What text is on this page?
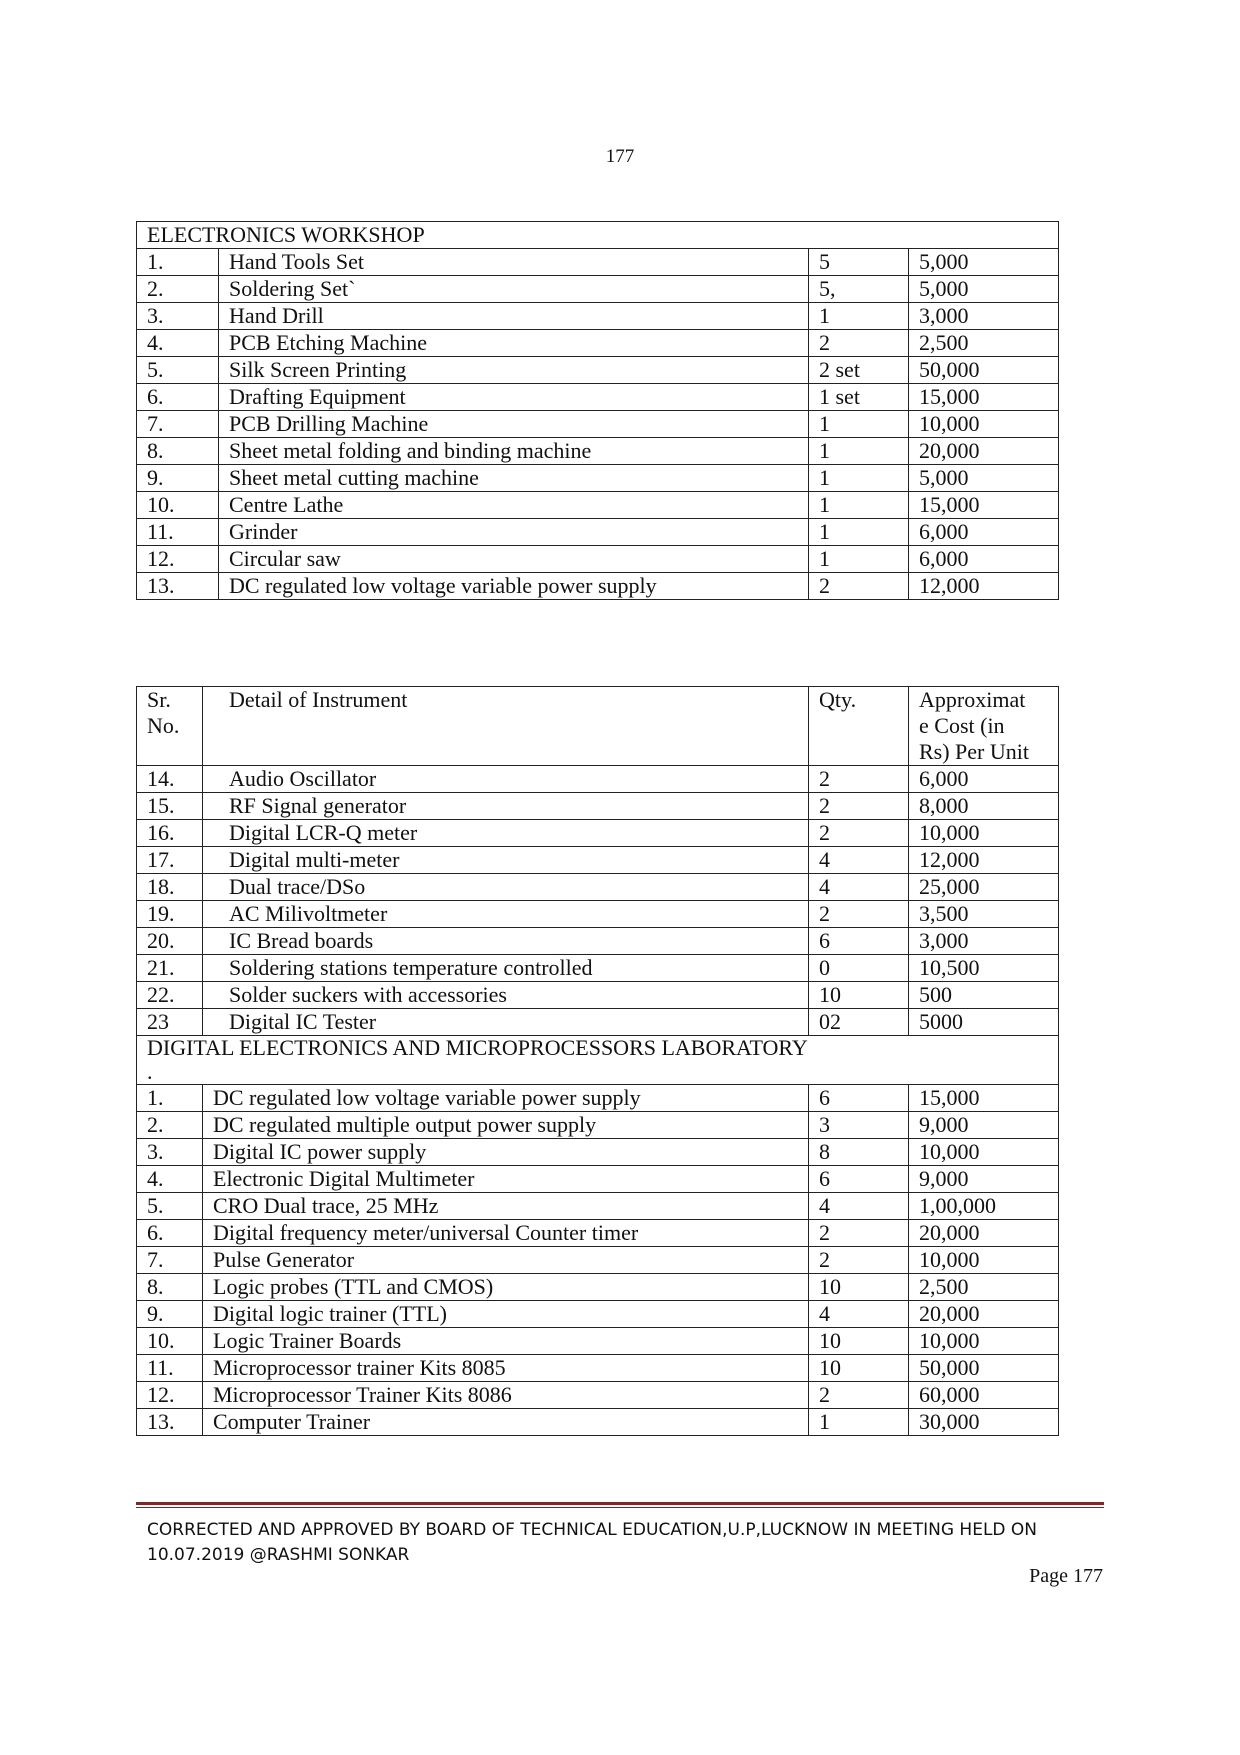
177
ELECTRONICS WORKSHOP			
1.	Hand Tools Set	5	5,000
2.	Soldering Set`	5,	5,000
3.	Hand Drill	1	3,000
4.	PCB Etching Machine	2	2,500
5.	Silk Screen Printing	2 set	50,000
6.	Drafting Equipment	1 set	15,000
7.	PCB Drilling Machine	1	10,000
8.	Sheet metal folding and binding machine	1	20,000
9.	Sheet metal cutting machine	1	5,000
10.	Centre Lathe	1	15,000
11.	Grinder	1	6,000
12.	Circular saw	1	6,000
13.	DC regulated low voltage variable power supply	2	12,000
Sr.
No.	Detail of Instrument	Qty.	Approximat
e Cost (in
Rs) Per Unit
14.	Audio Oscillator	2	6,000
15.	RF Signal generator	2	8,000
16.	Digital LCR-Q meter	2	10,000
17.	Digital multi-meter	4	12,000
18.	Dual trace/DSo	4	25,000
19.	AC Milivoltmeter	2	3,500
20.	IC Bread boards	6	3,000
21.	Soldering stations temperature controlled	0	10,500
22.	Solder suckers with accessories	10	500
23	Digital IC Tester	02	5000

DIGITAL ELECTRONICS AND MICROPROCESSORS LABORATORY
.			

1.	DC regulated low voltage variable power supply	6	15,000
2.	DC regulated multiple output power supply	3	9,000
3.	Digital IC power supply	8	10,000
4.	Electronic Digital Multimeter	6	9,000
5.	CRO Dual trace, 25 MHz	4	1,00,000
6.	Digital frequency meter/universal Counter timer	2	20,000
7.	Pulse Generator	2	10,000
8.	Logic probes (TTL and CMOS)	10	2,500
9.	Digital logic trainer (TTL)	4	20,000
10.	Logic Trainer Boards	10	10,000
11.	Microprocessor trainer Kits 8085	10	50,000
12.	Microprocessor Trainer Kits 8086	2	60,000
13.	Computer Trainer	1	30,000
CORRECTED AND APPROVED BY BOARD OF TECHNICAL EDUCATION,U.P,LUCKNOW IN MEETING HELD ON
10.07.2019 @RASHMI SONKAR
Page 177
